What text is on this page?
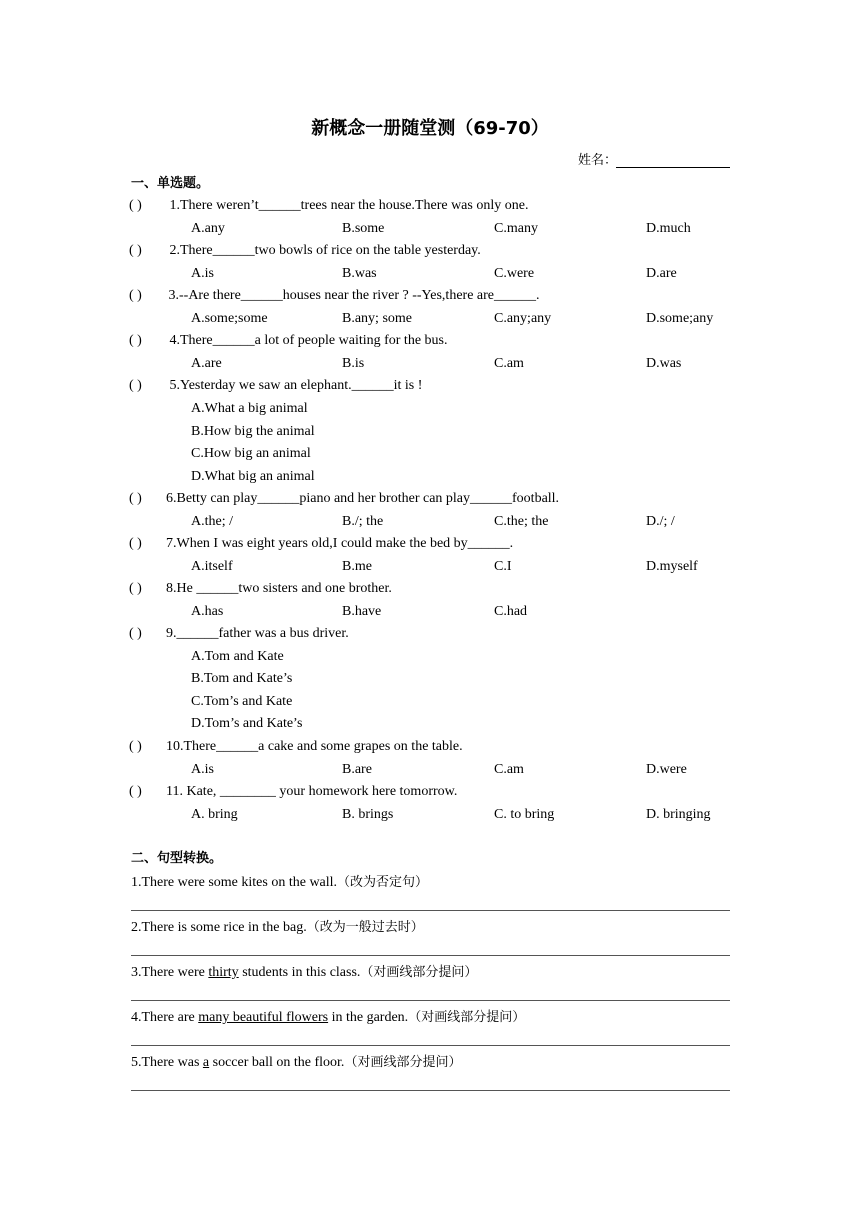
新概念一册随堂测（69-70）
姓名：
一、单选题。
( ) 1.There weren’t______trees near the house.There was only one.
A.any	B.some	C.many	D.much
( ) 2.There______two bowls of rice on the table yesterday.
A.is	B.was	C.were	D.are
( ) 3.--Are there______houses near the river ? --Yes,there are______.
A.some;some	B.any; some	C.any;any	D.some;any
( ) 4.There______a lot of people waiting for the bus.
A.are	B.is	C.am	D.was
( ) 5.Yesterday we saw an elephant.______it is !
A.What a big animal
B.How big the animal
C.How big an animal
D.What big an animal
( ) 6.Betty can play______piano and her brother can play______football.
A.the; /	B./; the	C.the; the	D./; /
( ) 7.When I was eight years old,I could make the bed by______.
A.itself	B.me	C.I	D.myself
( ) 8.He ______two sisters and one brother.
A.has	B.have	C.had
( ) 9.______father was a bus driver.
A.Tom and Kate
B.Tom and Kate’s
C.Tom’s and Kate
D.Tom’s and Kate’s
( ) 10.There______a cake and some grapes on the table.
A.is	B.are	C.am	D.were
( ) 11. Kate, ________ your homework here tomorrow.
A. bring	B. brings	C. to bring	D. bringing
二、句型转换。
1.There were some kites on the wall.（改为否定句）
2.There is some rice in the bag.（改为一般过去时）
3.There were thirty students in this class.（对画线部分提问）
4.There are many beautiful flowers in the garden.（对画线部分提问）
5.There was a soccer ball on the floor.（对画线部分提问）
